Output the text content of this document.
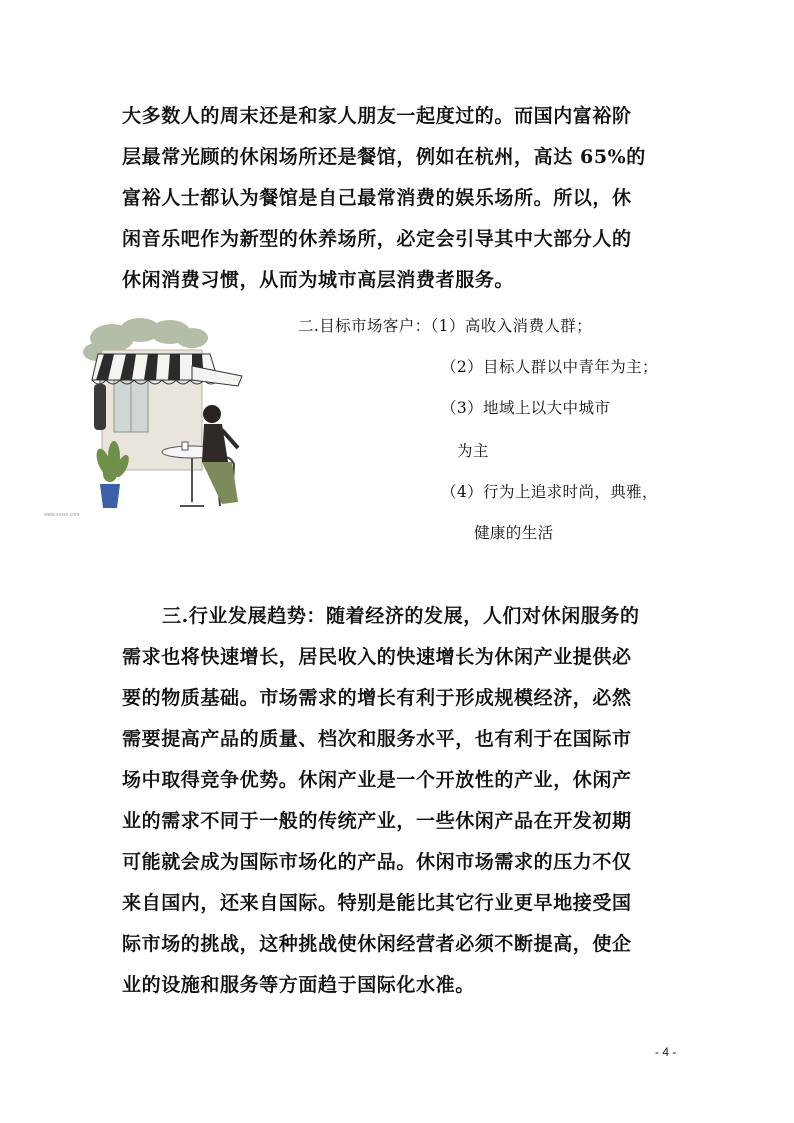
大多数人的周末还是和家人朋友一起度过的。而国内富裕阶
层最常光顾的休闲场所还是餐馆，例如在杭州，高达 65%的
富裕人士都认为餐馆是自己最常消费的娱乐场所。所以，休
闲音乐吧作为新型的休养场所，必定会引导其中大部分人的
休闲消费习惯，从而为城市高层消费者服务。
www.xxxxx.com
二.目标市场客户：（1）高收入消费人群；
（2）目标人群以中青年为主；
（3）地域上以大中城市
为主
（4）行为上追求时尚，典雅，
健康的生活
三.行业发展趋势：随着经济的发展，人们对休闲服务的
需求也将快速增长，居民收入的快速增长为休闲产业提供必
要的物质基础。市场需求的增长有利于形成规模经济，必然
需要提高产品的质量、档次和服务水平，也有利于在国际市
场中取得竞争优势。休闲产业是一个开放性的产业，休闲产
业的需求不同于一般的传统产业，一些休闲产品在开发初期
可能就会成为国际市场化的产品。休闲市场需求的压力不仅
来自国内，还来自国际。特别是能比其它行业更早地接受国
际市场的挑战，这种挑战使休闲经营者必须不断提高，使企
业的设施和服务等方面趋于国际化水准。
- 4 -
